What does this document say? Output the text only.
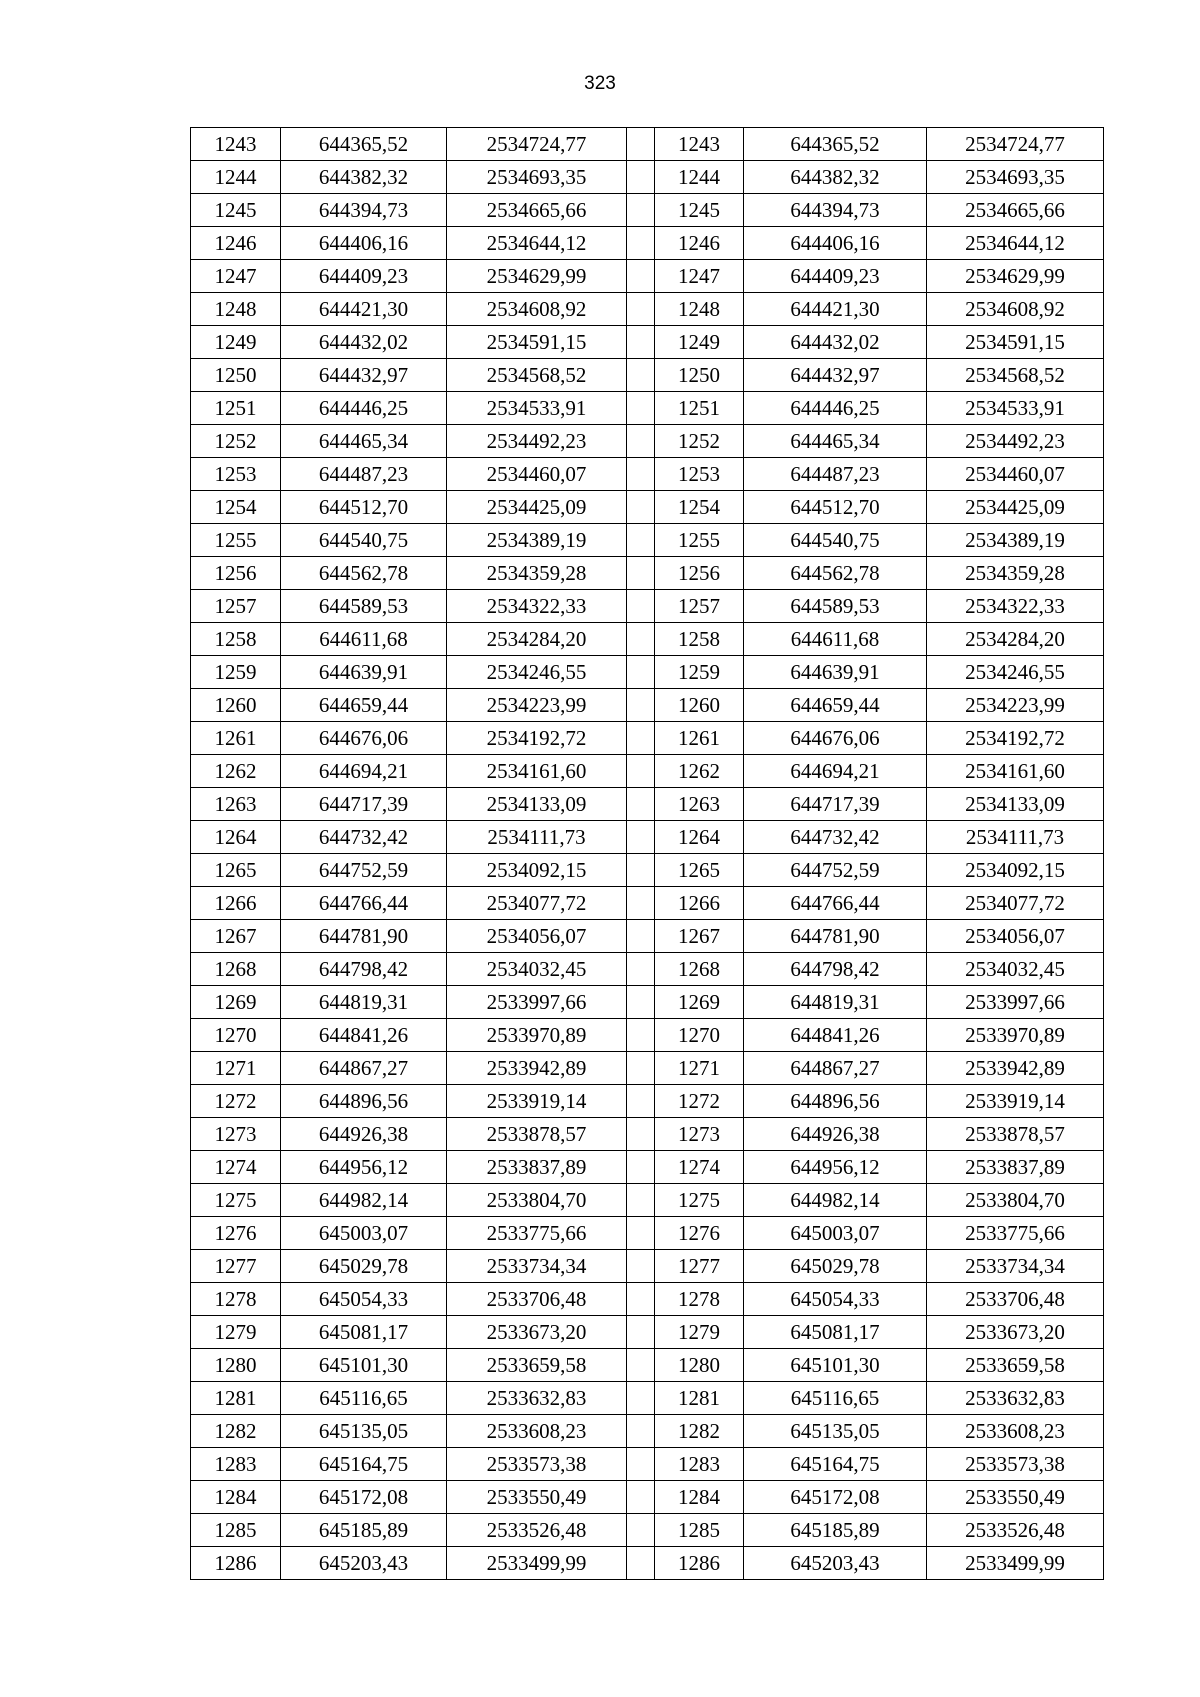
323
1243	644365,52	2534724,77		1243	644365,52	2534724,77
1244	644382,32	2534693,35		1244	644382,32	2534693,35
1245	644394,73	2534665,66		1245	644394,73	2534665,66
1246	644406,16	2534644,12		1246	644406,16	2534644,12
1247	644409,23	2534629,99		1247	644409,23	2534629,99
1248	644421,30	2534608,92		1248	644421,30	2534608,92
1249	644432,02	2534591,15		1249	644432,02	2534591,15
1250	644432,97	2534568,52		1250	644432,97	2534568,52
1251	644446,25	2534533,91		1251	644446,25	2534533,91
1252	644465,34	2534492,23		1252	644465,34	2534492,23
1253	644487,23	2534460,07		1253	644487,23	2534460,07
1254	644512,70	2534425,09		1254	644512,70	2534425,09
1255	644540,75	2534389,19		1255	644540,75	2534389,19
1256	644562,78	2534359,28		1256	644562,78	2534359,28
1257	644589,53	2534322,33		1257	644589,53	2534322,33
1258	644611,68	2534284,20		1258	644611,68	2534284,20
1259	644639,91	2534246,55		1259	644639,91	2534246,55
1260	644659,44	2534223,99		1260	644659,44	2534223,99
1261	644676,06	2534192,72		1261	644676,06	2534192,72
1262	644694,21	2534161,60		1262	644694,21	2534161,60
1263	644717,39	2534133,09		1263	644717,39	2534133,09
1264	644732,42	2534111,73		1264	644732,42	2534111,73
1265	644752,59	2534092,15		1265	644752,59	2534092,15
1266	644766,44	2534077,72		1266	644766,44	2534077,72
1267	644781,90	2534056,07		1267	644781,90	2534056,07
1268	644798,42	2534032,45		1268	644798,42	2534032,45
1269	644819,31	2533997,66		1269	644819,31	2533997,66
1270	644841,26	2533970,89		1270	644841,26	2533970,89
1271	644867,27	2533942,89		1271	644867,27	2533942,89
1272	644896,56	2533919,14		1272	644896,56	2533919,14
1273	644926,38	2533878,57		1273	644926,38	2533878,57
1274	644956,12	2533837,89		1274	644956,12	2533837,89
1275	644982,14	2533804,70		1275	644982,14	2533804,70
1276	645003,07	2533775,66		1276	645003,07	2533775,66
1277	645029,78	2533734,34		1277	645029,78	2533734,34
1278	645054,33	2533706,48		1278	645054,33	2533706,48
1279	645081,17	2533673,20		1279	645081,17	2533673,20
1280	645101,30	2533659,58		1280	645101,30	2533659,58
1281	645116,65	2533632,83		1281	645116,65	2533632,83
1282	645135,05	2533608,23		1282	645135,05	2533608,23
1283	645164,75	2533573,38		1283	645164,75	2533573,38
1284	645172,08	2533550,49		1284	645172,08	2533550,49
1285	645185,89	2533526,48		1285	645185,89	2533526,48
1286	645203,43	2533499,99		1286	645203,43	2533499,99
